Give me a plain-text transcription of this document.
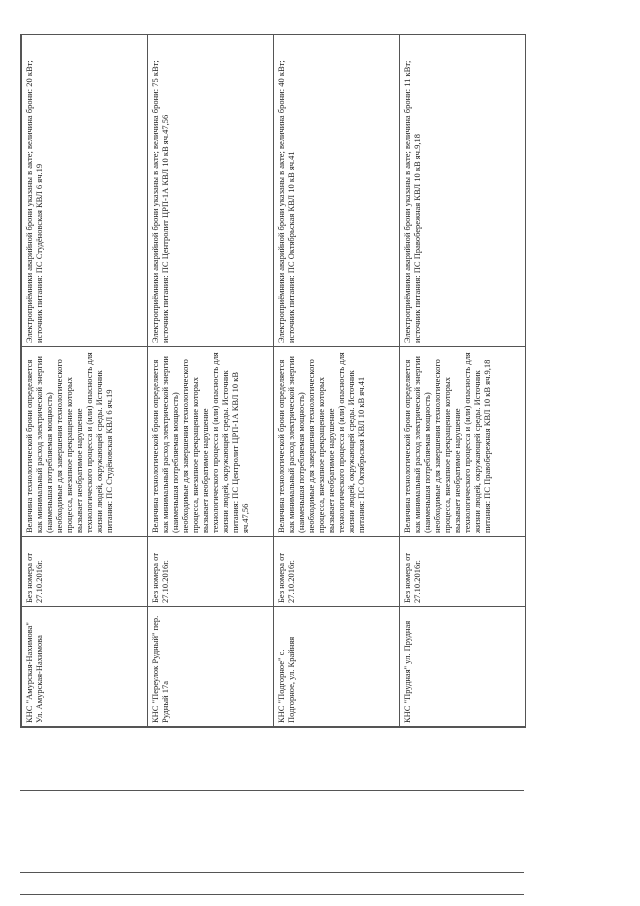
КНС "Амурская-Нахимова" Ул. Амурская-Нахимова	Без номера от 27.10.2016г.	Величина технологической брони определяется как минимальный расход электрической энергии (наименьшая потребляемая мощность) необходимые для завершения технологического процесса, внезапное прекращение которых вызывает необратимое нарушение технологического процесса и (или) опасность для жизни людей, окружающей среды. Источник питания: ПС Студёновская КВЛ 6 яч.19	Электроприёмники аварийной брони указаны в акте; величина брони: 20 кВт; источник питания: ПС Студёновская КВЛ 6 яч.19
КНС "Переулок Рудный" пер. Рудный 17а	Без номера от 27.10.2016г.	Величина технологической брони определяется как минимальный расход электрической энергии (наименьшая потребляемая мощность) необходимые для завершения технологического процесса, внезапное прекращение которых вызывает необратимое нарушение технологического процесса и (или) опасность для жизни людей, окружающей среды. Источник питания: ПС Центролит ЦРП-1А КВЛ 10 кВ яч.47,56	Электроприёмники аварийной брони указаны в акте; величина брони: 75 кВт; источник питания: ПС Центролит ЦРП-1А КВЛ 10 кВ яч.47,56
КНС "Подгорное" с. Подгорное, ул. Крайняя	Без номера от 27.10.2016г.	Величина технологической брони определяется как минимальный расход электрической энергии (наименьшая потребляемая мощность) необходимые для завершения технологического процесса, внезапное прекращение которых вызывает необратимое нарушение технологического процесса и (или) опасность для жизни людей, окружающей среды. Источник питания: ПС Октябрьская КВЛ 10 кВ яч.41	Электроприёмники аварийной брони указаны в акте; величина брони: 40 кВт; источник питания: ПС Октябрьская КВЛ 10 кВ яч.41
КНС "Прудная" ул. Прудная	Без номера от 27.10.2016г.	Величина технологической брони определяется как минимальный расход электрической энергии (наименьшая потребляемая мощность) необходимые для завершения технологического процесса, внезапное прекращение которых вызывает необратимое нарушение технологического процесса и (или) опасность для жизни людей, окружающей среды. Источник питания: ПС Правобережная КВЛ 10 кВ яч.9,18	Электроприёмники аварийной брони указаны в акте; величина брони: 11 кВт; источник питания: ПС Правобережная КВЛ 10 кВ яч.9,18
